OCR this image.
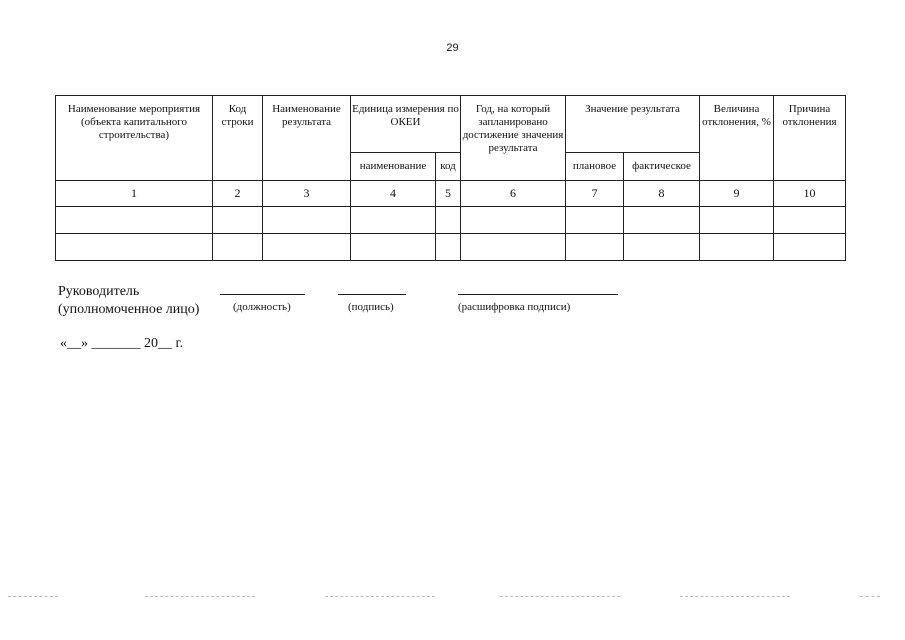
29
Наименование мероприятия (объекта капитального строительства)	Код строки	Наименование результата	Единица измерения по ОКЕИ		Год, на который запланировано достижение значения результата	Значение результата		Величина отклонения, %	Причина отклонения
			наименование	код		плановое	фактическое		
1	2	3	4	5	6	7	8	9	10

Руководитель
(уполномоченное лицо)	(должность)	(подпись)	(расшифровка подписи)
«__» _______ 20__ г.
